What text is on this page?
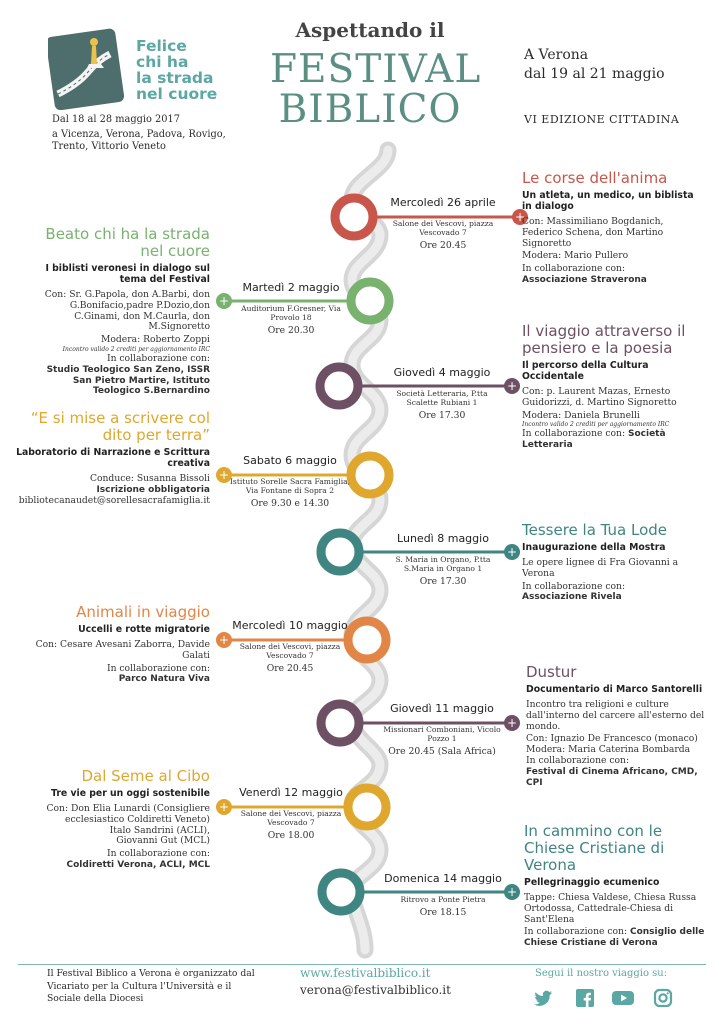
Felice
chi ha
la strada
nel cuore
Dal 18 al 28 maggio 2017
a Vicenza, Verona, Padova, Rovigo, Trento, Vittorio Veneto
Aspettando il
FESTIVAL
BIBLICO
A Verona
dal 19 al 21 maggio
VI EDIZIONE CITTADINA
+
+
+
+
+
+
+
+
+
Mercoledì 26 aprile
Salone dei Vescovi, piazza Vescovado 7
Ore 20.45
Martedì 2 maggio
Auditorium F.Gresner, Via Provolo 18
Ore 20.30
Giovedì 4 maggio
Società Letteraria, P.tta Scalette Rubiani 1
Ore 17.30
Sabato 6 maggio
Istituto Sorelle Sacra Famiglia, Via Fontane di Sopra 2
Ore 9.30 e 14.30
Lunedì 8 maggio
S. Maria in Organo, P.tta S.Maria in Organo 1
Ore 17.30
Mercoledì 10 maggio
Salone dei Vescovi, piazza Vescovado 7
Ore 20.45
Giovedì 11 maggio
Missionari Comboniani, Vicolo Pozzo 1
Ore 20.45 (Sala Africa)
Venerdì 12 maggio
Salone dei Vescovi, piazza Vescovado 7
Ore 18.00
Domenica 14 maggio
Ritrovo a Ponte Pietra
Ore 18.15
Le corse dell'anima
Un atleta, un medico, un biblista in dialogo
Con: Massimiliano Bogdanich, Federico Schena, don Martino Signoretto
Modera: Mario Pullero
In collaborazione con:
Associazione Straverona
Beato chi ha la strada nel cuore
I biblisti veronesi in dialogo sul tema del Festival
Con: Sr. G.Papola, don A.Barbi, don G.Bonifacio,padre P.Dozio,don C.Ginami, don M.Caurla, don M.Signoretto
Modera: Roberto Zoppi
Incontro valido 2 crediti per aggiornamento IRC
In collaborazione con:
Studio Teologico San Zeno, ISSR San Pietro Martire, Istituto Teologico S.Bernardino
Il viaggio attraverso il pensiero e la poesia
Il percorso della Cultura Occidentale
Con: p. Laurent Mazas, Ernesto Guidorizzi, d. Martino Signoretto
Modera: Daniela Brunelli
Incontro valido 2 crediti per aggiornamento IRC
In collaborazione con: Società Letteraria
“E si mise a scrivere col dito per terra”
Laboratorio di Narrazione e Scrittura creativa
Conduce: Susanna Bissoli
Iscrizione obbligatoria
bibliotecanaudet@sorellesacrafamiglia.it
Tessere la Tua Lode
Inaugurazione della Mostra
Le opere lignee di Fra Giovanni a Verona
In collaborazione con:
Associazione Rivela
Animali in viaggio
Uccelli e rotte migratorie
Con: Cesare Avesani Zaborra, Davide Galati
In collaborazione con:
Parco Natura Viva	Dustur
Documentario di Marco Santorelli
Incontro tra religioni e culture dall'interno del carcere all'esterno del mondo.
Con: Ignazio De Francesco (monaco)
Modera: Maria Caterina Bombarda
In collaborazione con:
Festival di Cinema Africano, CMD, CPI
Dal Seme al Cibo
Tre vie per un oggi sostenibile
Con: Don Elia Lunardi (Consigliere ecclesiastico Coldiretti Veneto)
Italo Sandrini (ACLI),
Giovanni Gut (MCL)
In collaborazione con:
Coldiretti Verona, ACLI, MCL
In cammino con le Chiese Cristiane di Verona
Pellegrinaggio ecumenico
Tappe: Chiesa Valdese, Chiesa Russa Ortodossa, Cattedrale-Chiesa di Sant'Elena
In collaborazione con: Consiglio delle Chiese Cristiane di Verona
Il Festival Biblico a Verona è organizzato dal Vicariato per la Cultura l'Università e il Sociale della Diocesi
www.festivalbiblico.it
verona@festivalbiblico.it
Segui il nostro viaggio su:
